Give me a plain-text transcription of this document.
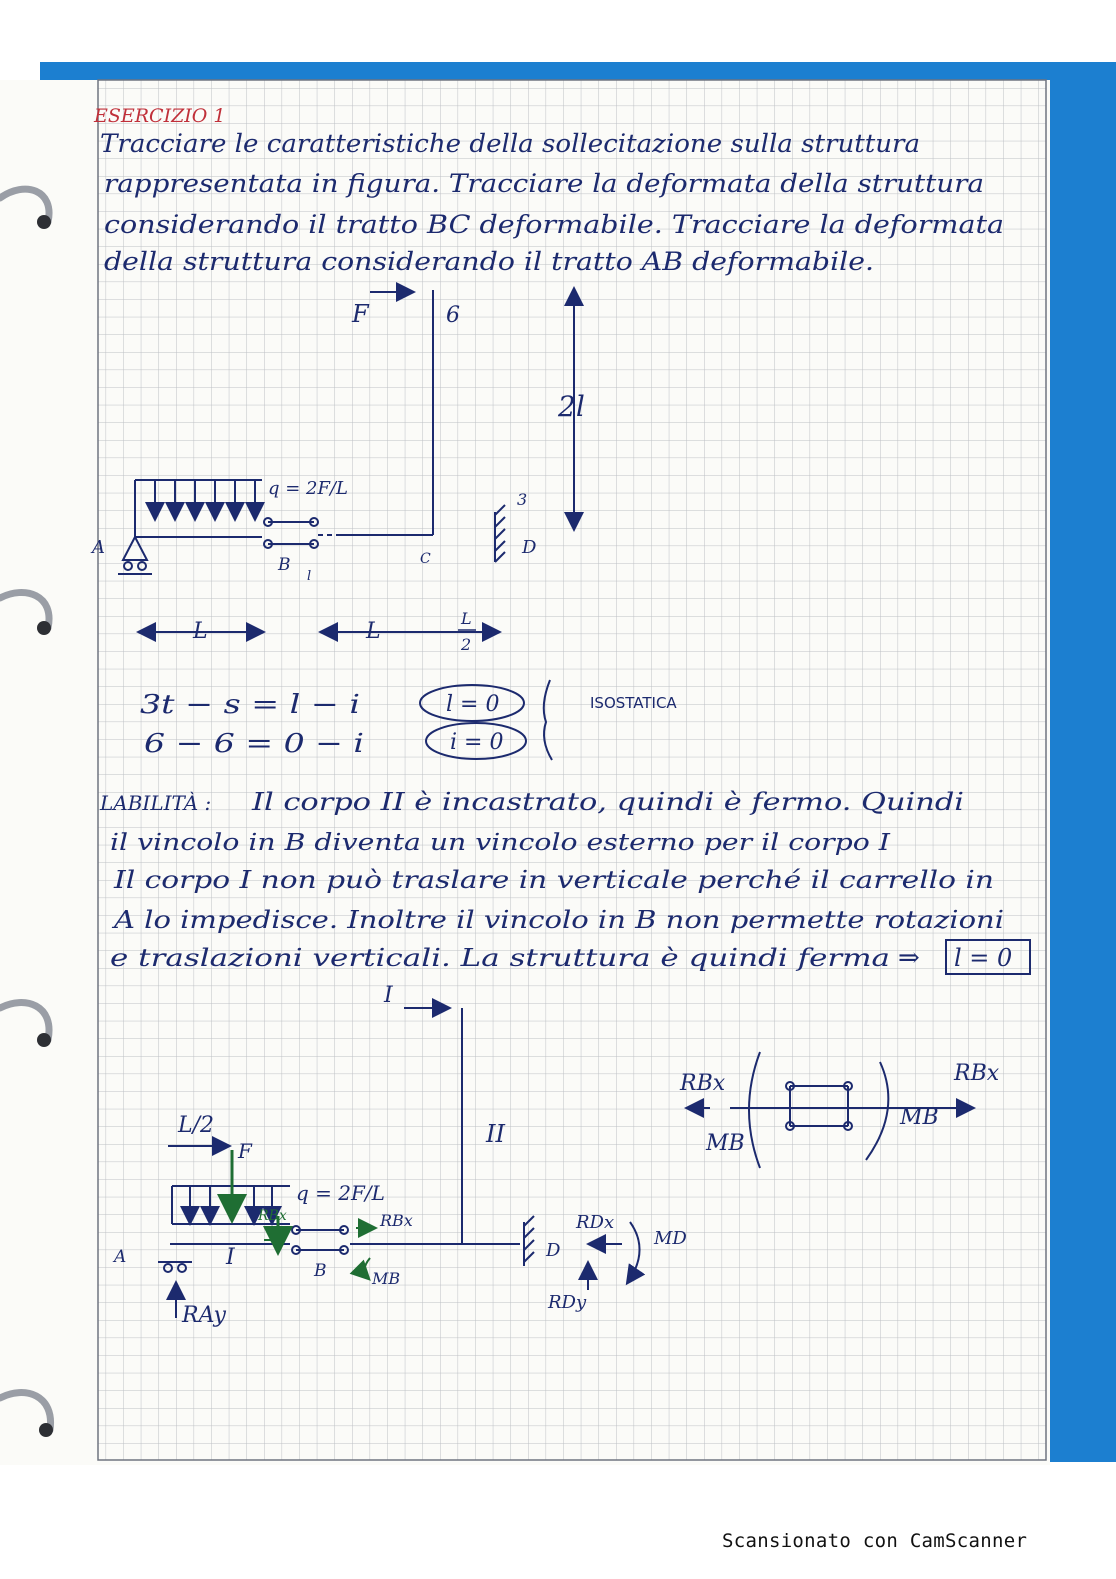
ESERCIZIO 1
Tracciare le caratteristiche della sollecitazione sulla struttura
rappresentata in figura. Tracciare la deformata della struttura
considerando il tratto BC deformabile. Tracciare la deformata
della struttura considerando il tratto AB deformabile.
F	6
2l
q = 2F/L
A
B
l
C
D
3
L	L
L
2
3t − s = l − i
6 − 6 = 0 − i
l = 0
i = 0
ISOSTATICA
LABILITÀ : Il corpo II è incastrato, quindi è fermo. Quindi
il vincolo in B diventa un vincolo esterno per il corpo I
Il corpo I non può traslare in verticale perché il carrello in
A lo impedisce. Inoltre il vincolo in B non permette rotazioni
e traslazioni verticali. La struttura è quindi ferma ⇒ l = 0
I
II
L/2
F
q = 2F/L
A	I
B
D
RBx	RBx
MB
RDx
MD
RDy
RAy
RBx	RBx
MB
MB
Scansionato con CamScanner
